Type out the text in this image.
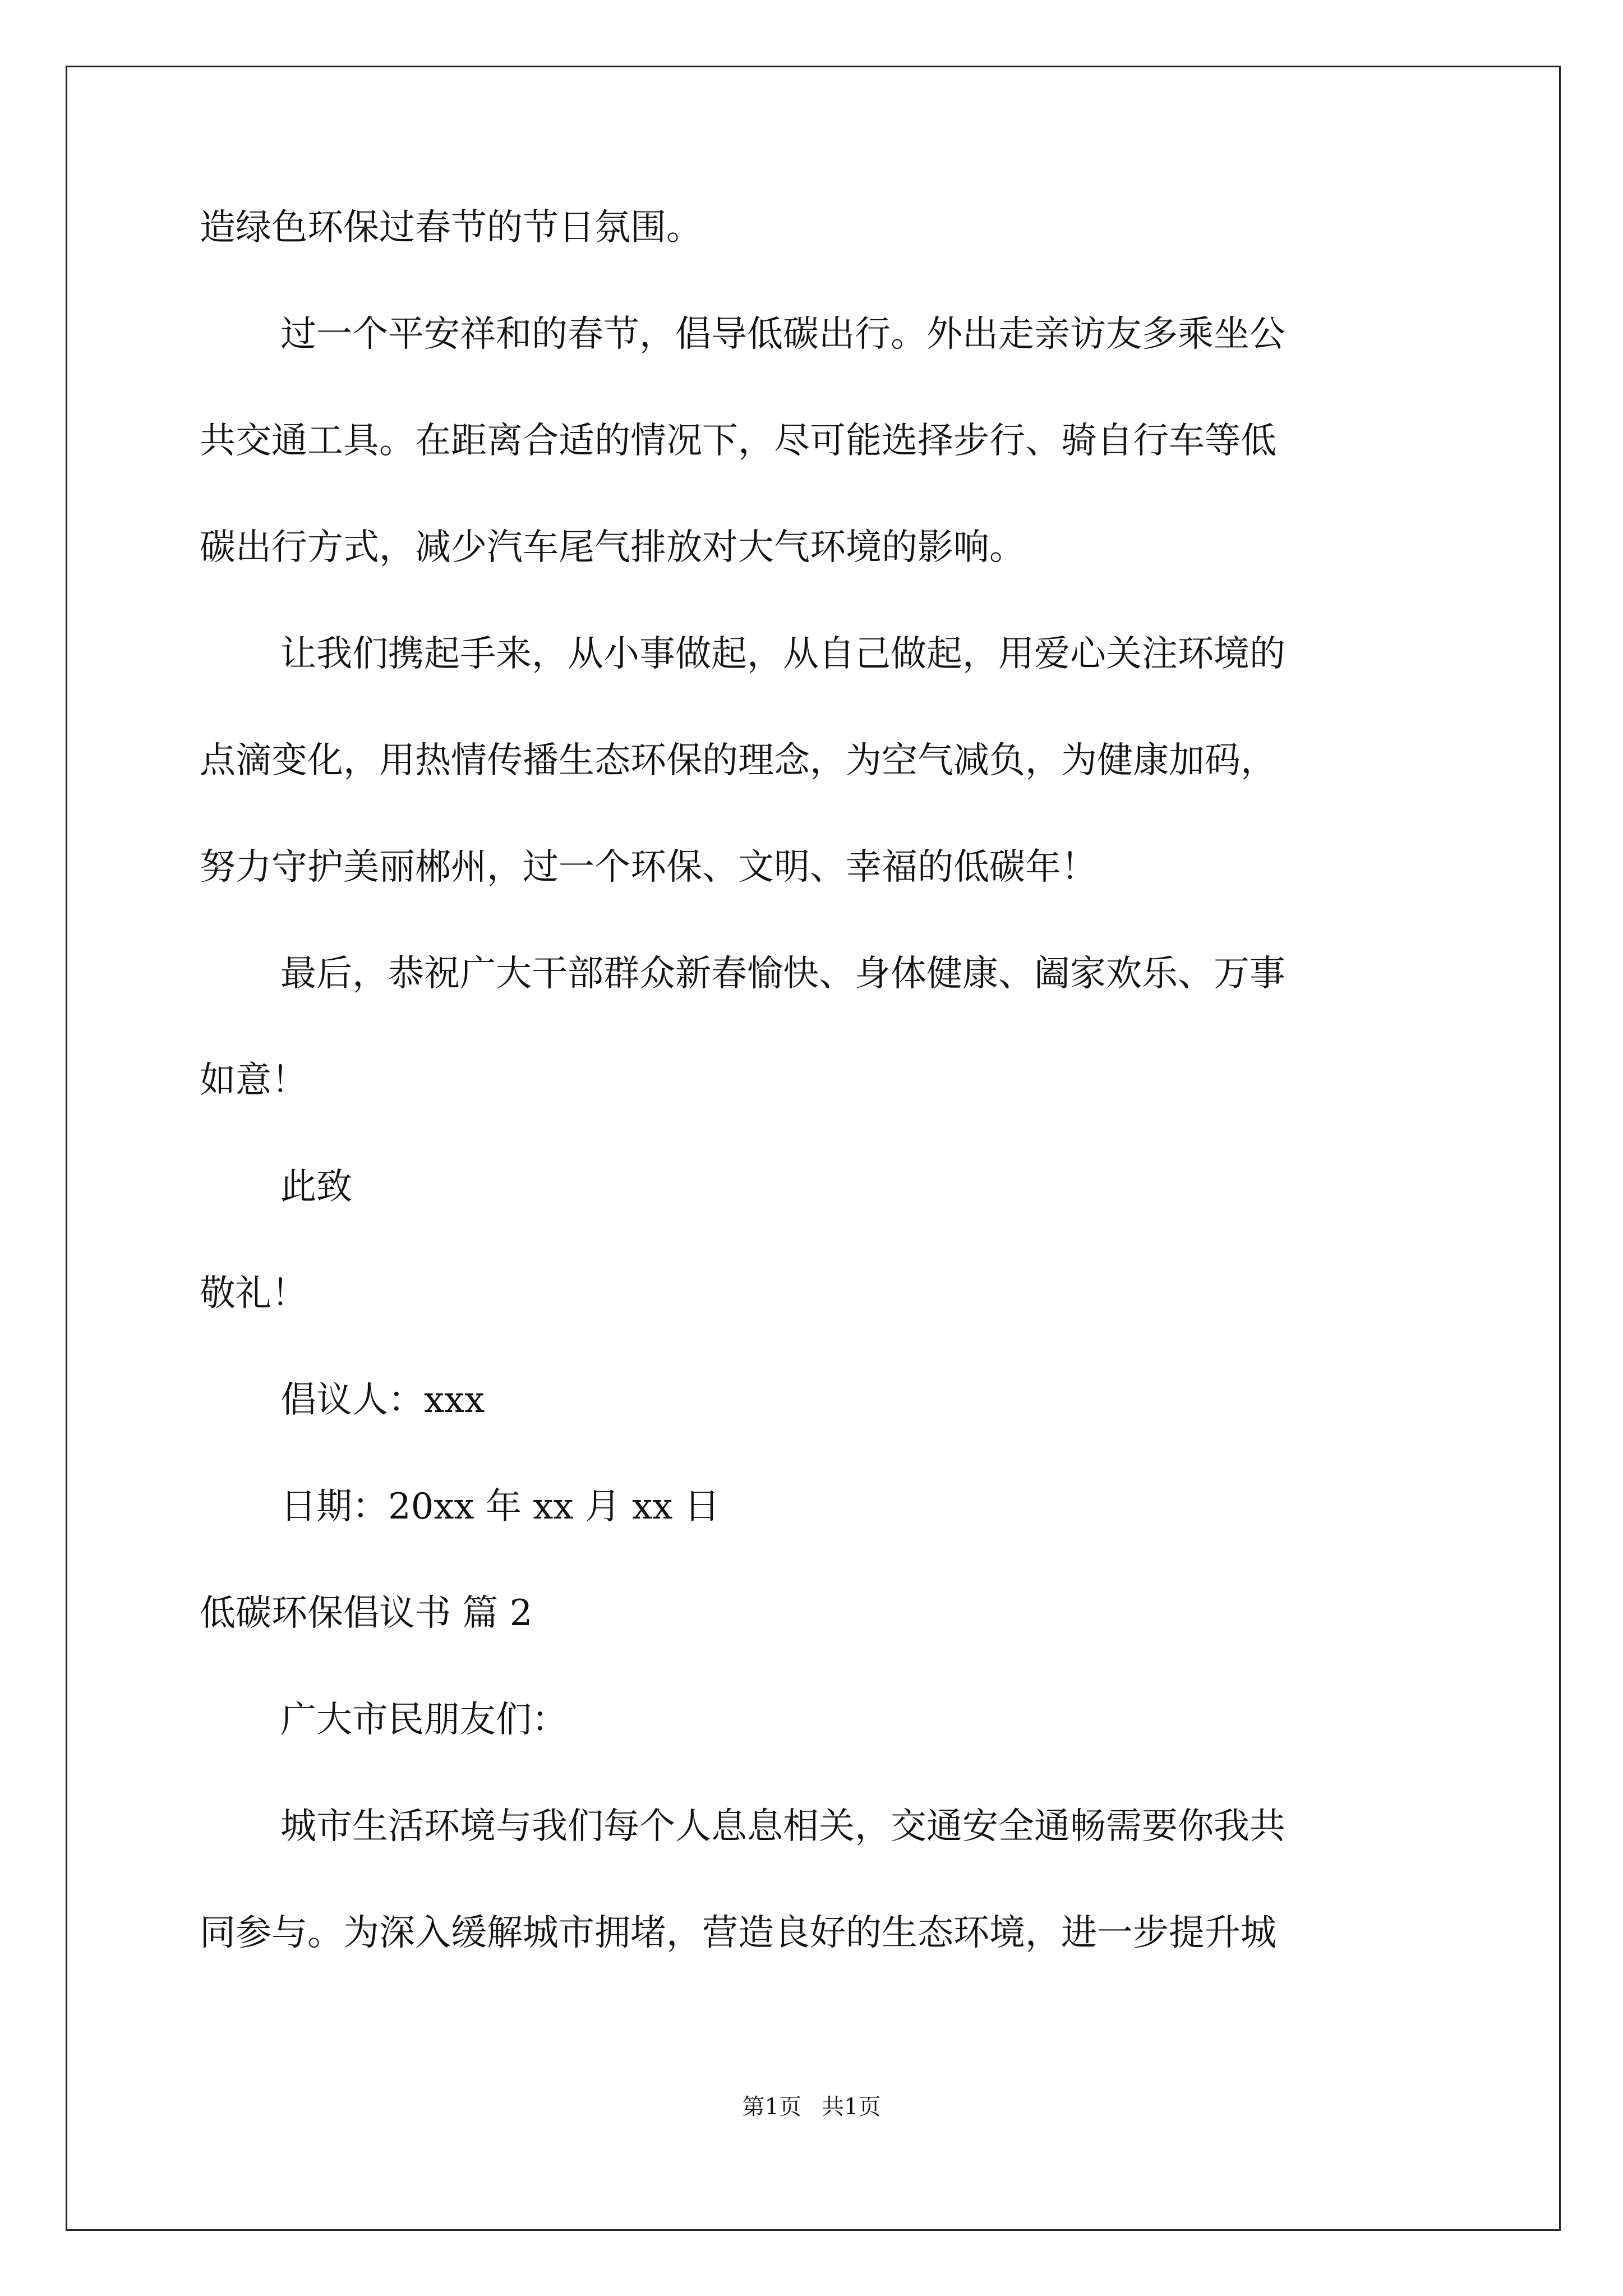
造绿色环保过春节的节日氛围。
过一个平安祥和的春节，倡导低碳出行。外出走亲访友多乘坐公
共交通工具。在距离合适的情况下，尽可能选择步行、骑自行车等低
碳出行方式，减少汽车尾气排放对大气环境的影响。
让我们携起手来，从小事做起，从自己做起，用爱心关注环境的
点滴变化，用热情传播生态环保的理念，为空气减负，为健康加码，
努力守护美丽郴州，过一个环保、文明、幸福的低碳年！
最后，恭祝广大干部群众新春愉快、身体健康、阖家欢乐、万事
如意！
此致
敬礼！
倡议人：xxx
日期：20xx 年 xx 月 xx 日
低碳环保倡议书 篇 2
广大市民朋友们：
城市生活环境与我们每个人息息相关，交通安全通畅需要你我共
同参与。为深入缓解城市拥堵，营造良好的生态环境，进一步提升城
第1页 共1页
